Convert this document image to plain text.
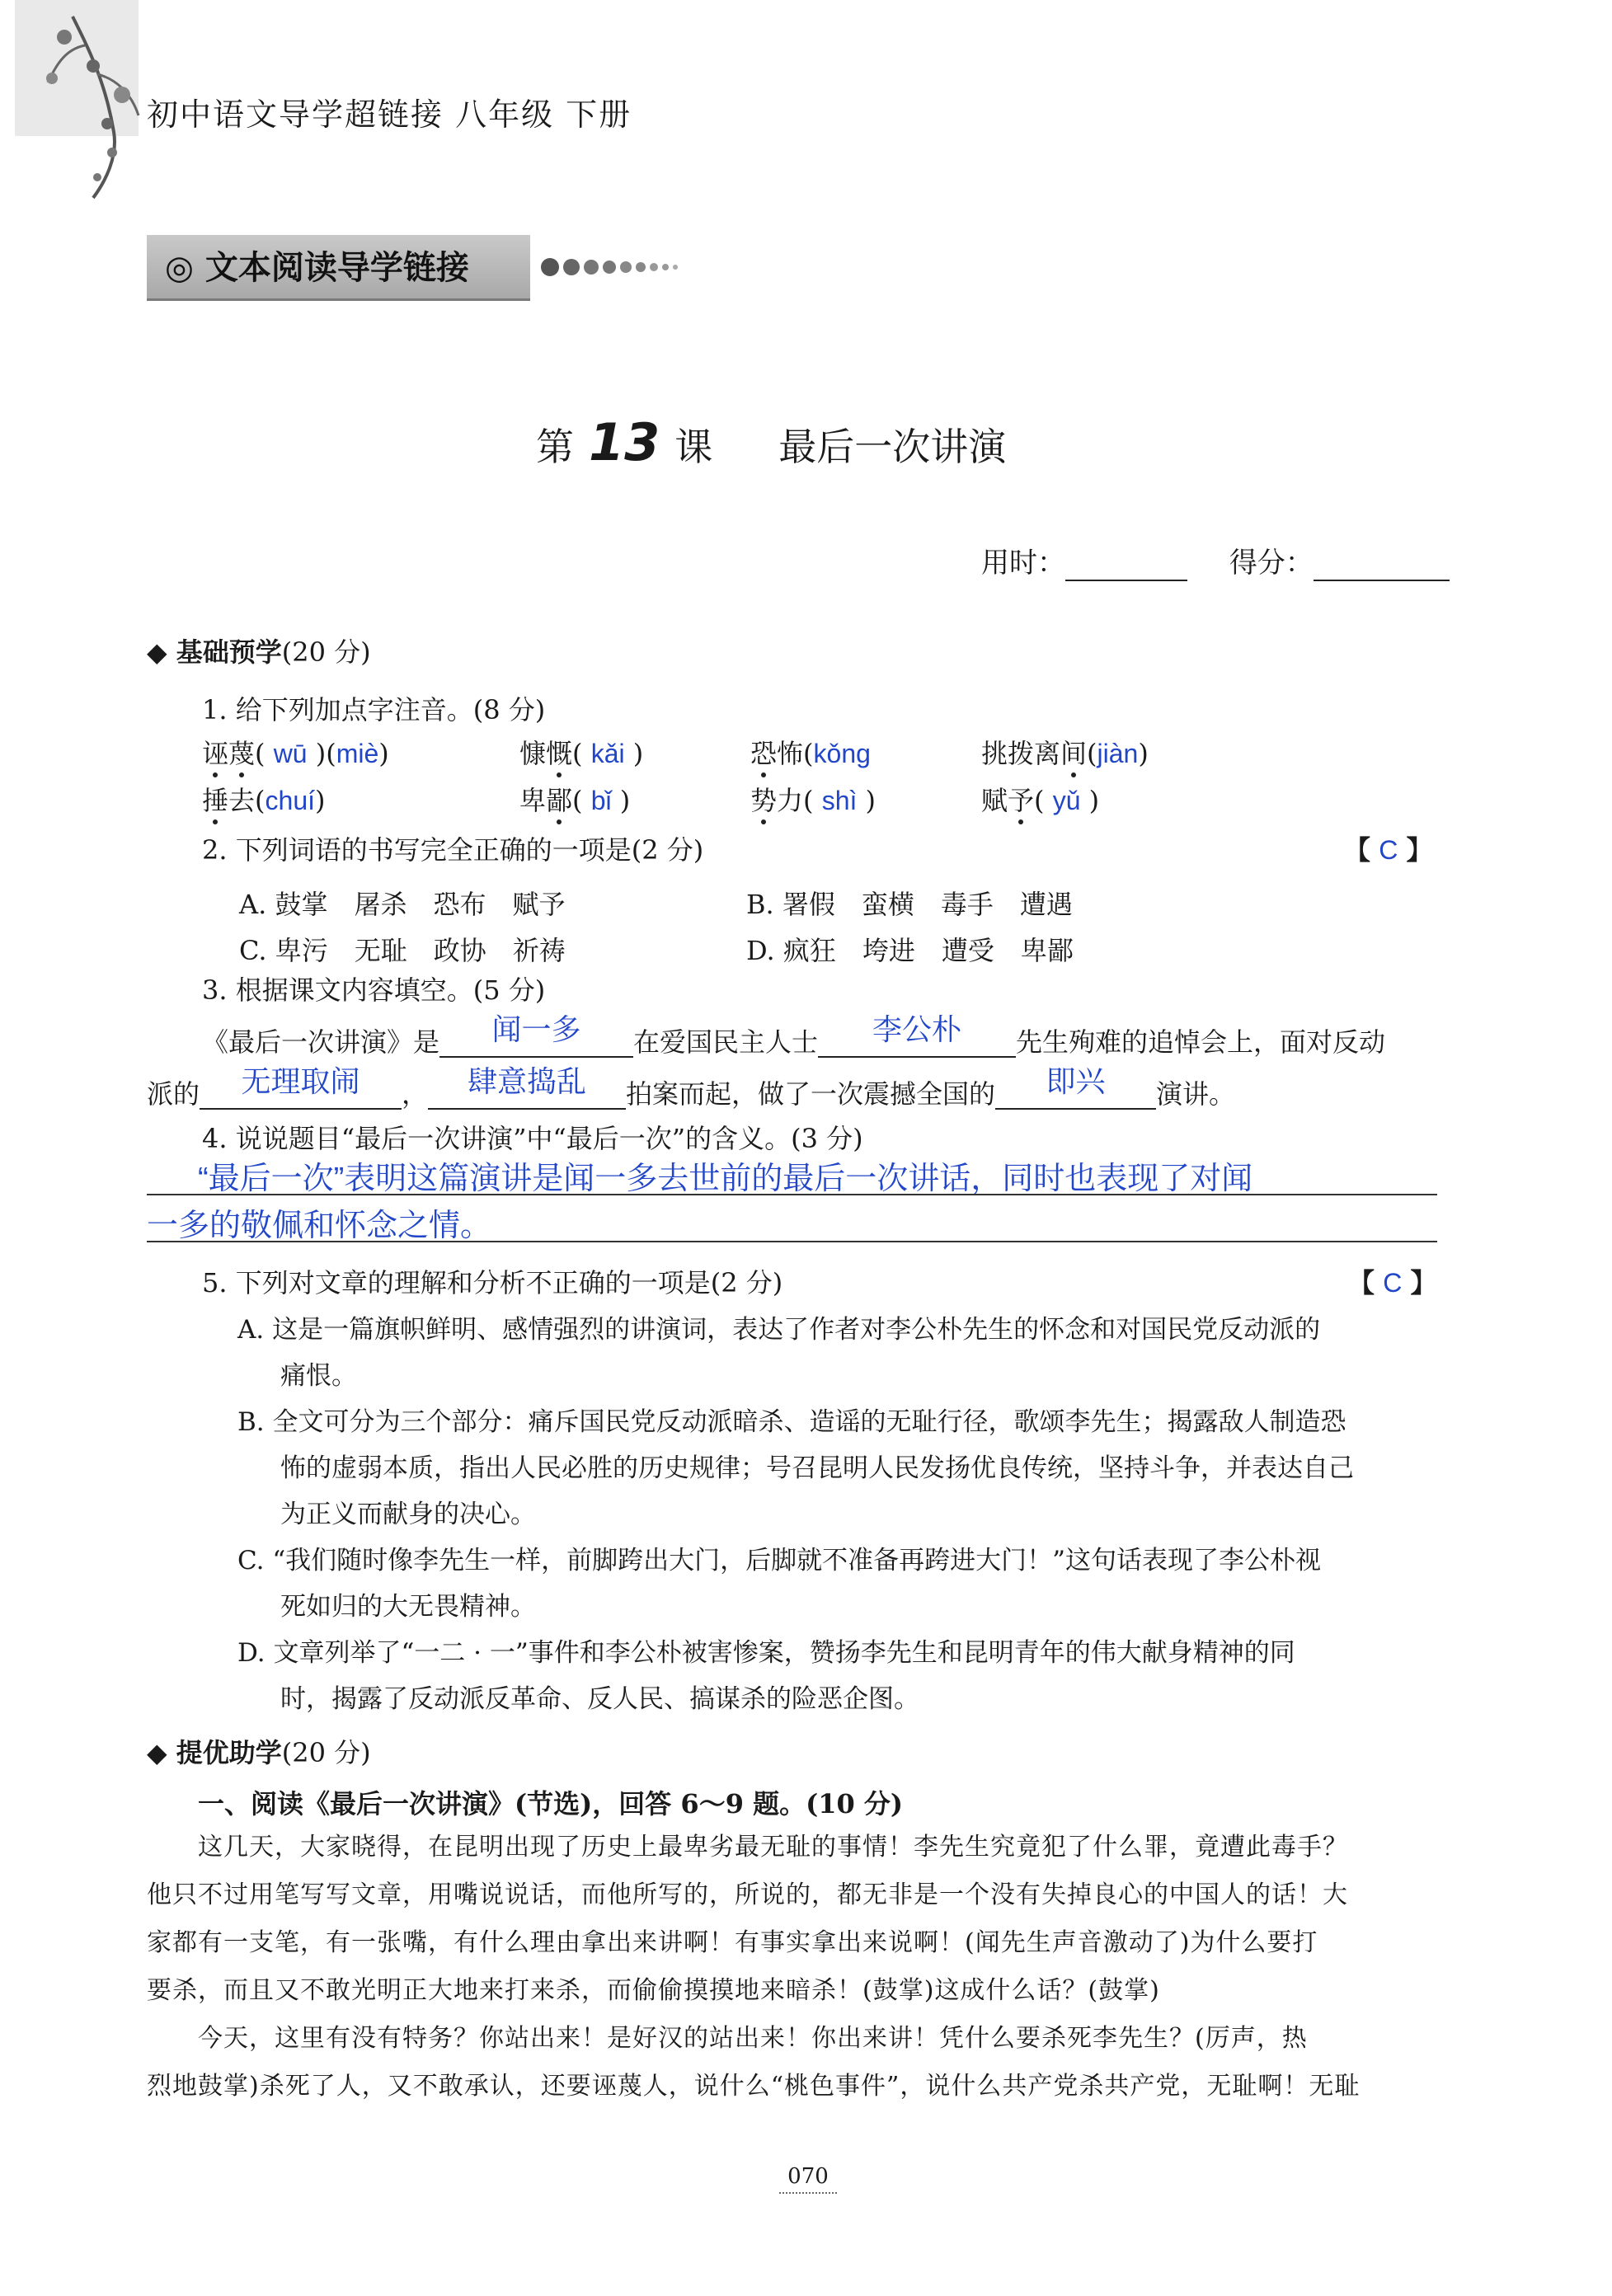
初中语文导学超链接 八年级 下册
◎ 文本阅读导学链接
第 13 课 最后一次讲演
用时：	得分：
◆ 基础预学(20 分)
1. 给下列加点字注音。(8 分)
诬蔑( wū )(miè)	慷慨( kǎi )	恐怖(kǒng	挑拨离间(jiàn)
捶去(chuí)	卑鄙( bǐ )	势力( shì )	赋予( yǔ )
2. 下列词语的书写完全正确的一项是(2 分)	【 C 】
A. 鼓掌　屠杀　恐布　赋予	B. 署假　蛮横　毒手　遭遇
C. 卑污　无耻　政协　祈祷	D. 疯狂　垮进　遭受　卑鄙
3. 根据课文内容填空。(5 分)
《最后一次讲演》是 闻一多 在爱国民主人士 李公朴 先生殉难的追悼会上，面对反动
派的 无理取闹 ， 肆意捣乱 拍案而起，做了一次震撼全国的 即兴 演讲。
4. 说说题目“最后一次讲演”中“最后一次”的含义。(3 分)
“最后一次”表明这篇演讲是闻一多去世前的最后一次讲话，同时也表现了对闻
一多的敬佩和怀念之情。
5. 下列对文章的理解和分析不正确的一项是(2 分)	【 C 】
A. 这是一篇旗帜鲜明、感情强烈的讲演词，表达了作者对李公朴先生的怀念和对国民党反动派的
痛恨。
B. 全文可分为三个部分：痛斥国民党反动派暗杀、造谣的无耻行径，歌颂李先生；揭露敌人制造恐
怖的虚弱本质，指出人民必胜的历史规律；号召昆明人民发扬优良传统，坚持斗争，并表达自己
为正义而献身的决心。
C. “我们随时像李先生一样，前脚跨出大门，后脚就不准备再跨进大门！”这句话表现了李公朴视
死如归的大无畏精神。
D. 文章列举了“一二 · 一”事件和李公朴被害惨案，赞扬李先生和昆明青年的伟大献身精神的同
时，揭露了反动派反革命、反人民、搞谋杀的险恶企图。
◆ 提优助学(20 分)
一、阅读《最后一次讲演》(节选)，回答 6～9 题。(10 分)
这几天，大家晓得，在昆明出现了历史上最卑劣最无耻的事情！李先生究竟犯了什么罪，竟遭此毒手？
他只不过用笔写写文章，用嘴说说话，而他所写的，所说的，都无非是一个没有失掉良心的中国人的话！大
家都有一支笔，有一张嘴，有什么理由拿出来讲啊！有事实拿出来说啊！(闻先生声音激动了)为什么要打
要杀，而且又不敢光明正大地来打来杀，而偷偷摸摸地来暗杀！(鼓掌)这成什么话？(鼓掌)
今天，这里有没有特务？你站出来！是好汉的站出来！你出来讲！凭什么要杀死李先生？(厉声，热
烈地鼓掌)杀死了人，又不敢承认，还要诬蔑人，说什么“桃色事件”，说什么共产党杀共产党，无耻啊！无耻
070
